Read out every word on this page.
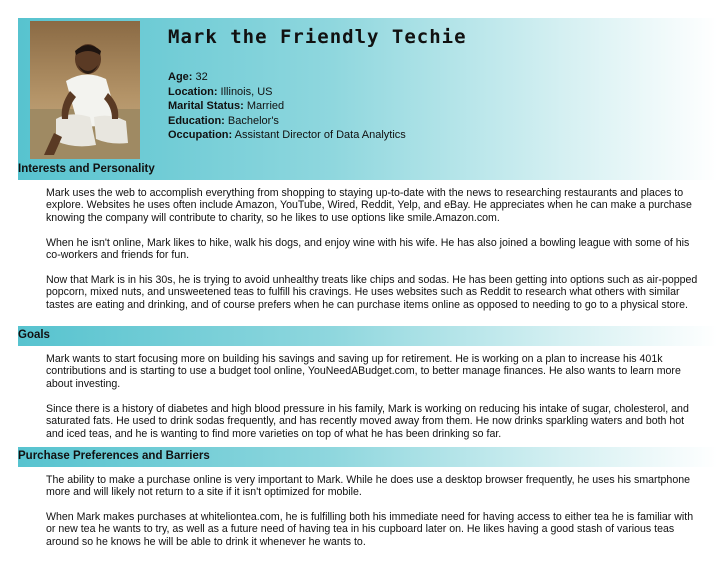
Mark the Friendly Techie
Age: 32
Location: Illinois, US
Marital Status: Married
Education: Bachelor's
Occupation: Assistant Director of Data Analytics
Interests and Personality

Mark uses the web to accomplish everything from shopping to staying up-to-date with the news to researching restaurants and places to explore. Websites he uses often include Amazon, YouTube, Wired, Reddit, Yelp, and eBay. He appreciates when he can make a purchase knowing the company will contribute to charity, so he likes to use options like smile.Amazon.com.

When he isn't online, Mark likes to hike, walk his dogs, and enjoy wine with his wife. He has also joined a bowling league with some of his co-workers and friends for fun.

Now that Mark is in his 30s, he is trying to avoid unhealthy treats like chips and sodas. He has been getting into options such as air-popped popcorn, mixed nuts, and unsweetened teas to fulfill his cravings. He uses websites such as Reddit to research what others with similar tastes are eating and drinking, and of course prefers when he can purchase items online as opposed to needing to go to a physical store.

Goals

Mark wants to start focusing more on building his savings and saving up for retirement. He is working on a plan to increase his 401k contributions and is starting to use a budget tool online, YouNeedABudget.com, to better manage finances. He also wants to learn more about investing.

Since there is a history of diabetes and high blood pressure in his family, Mark is working on reducing his intake of sugar, cholesterol, and saturated fats. He used to drink sodas frequently, and has recently moved away from them. He now drinks sparkling waters and both hot and iced teas, and he is wanting to find more varieties on top of what he has been drinking so far.

Purchase Preferences and Barriers

The ability to make a purchase online is very important to Mark. While he does use a desktop browser frequently, he uses his smartphone more and will likely not return to a site if it isn't optimized for mobile.

When Mark makes purchases at whiteliontea.com, he is fulfilling both his immediate need for having access to either tea he is familiar with or new tea he wants to try, as well as a future need of having tea in his cupboard later on. He likes having a good stash of various teas around so he knows he will be able to drink it whenever he wants to.
